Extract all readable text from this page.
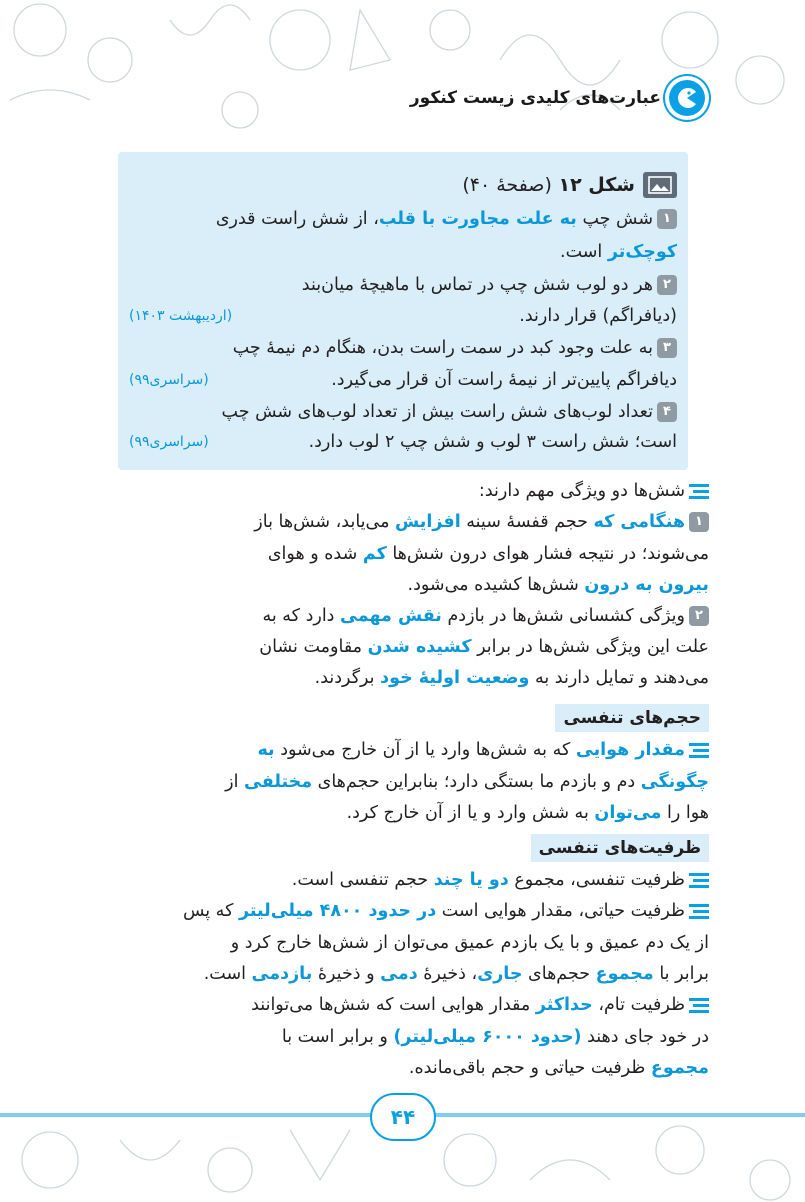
عبارت‌های کلیدی زیست کنکور
شکل ۱۲ (صفحهٔ ۴۰)
۱شش چپ به علت مجاورت با قلب، از شش راست قدری
کوچک‌تر است.
۲هر دو لوب شش چپ در تماس با ماهیچهٔ میان‌بند
(دیافراگم) قرار دارند.
(اردیبهشت ۱۴۰۳)
۳به علت وجود کبد در سمت راست بدن، هنگام دم نیمهٔ چپ
دیافراگم پایین‌تر از نیمهٔ راست آن قرار می‌گیرد.
(سراسری۹۹)
۴تعداد لوب‌های شش راست بیش از تعداد لوب‌های شش چپ
است؛ شش راست ۳ لوب و شش چپ ۲ لوب دارد.
(سراسری۹۹)
شش‌ها دو ویژگی مهم دارند:
۱هنگامی که حجم قفسهٔ سینه افزایش می‌یابد، شش‌ها باز
می‌شوند؛ در نتیجه فشار هوای درون شش‌ها کم شده و هوای
بیرون به درون شش‌ها کشیده می‌شود.
۲ویژگی کشسانی شش‌ها در بازدم نقش مهمی دارد که به
علت این ویژگی شش‌ها در برابر کشیده شدن مقاومت نشان
می‌دهند و تمایل دارند به وضعیت اولیهٔ خود برگردند.
حجم‌های تنفسی
مقدار هوایی که به شش‌ها وارد یا از آن خارج می‌شود به
چگونگی دم و بازدم ما بستگی دارد؛ بنابراین حجم‌های مختلفی از
هوا را می‌توان به شش وارد و یا از آن خارج کرد.
ظرفیت‌های تنفسی
ظرفیت تنفسی، مجموع دو یا چند حجم تنفسی است.
ظرفیت حیاتی، مقدار هوایی است در حدود ۴۸۰۰ میلی‌لیتر که پس
از یک دم عمیق و با یک بازدم عمیق می‌توان از شش‌ها خارج کرد و
برابر با مجموع حجم‌های جاری، ذخیرهٔ دمی و ذخیرهٔ بازدمی است.
ظرفیت تام، حداکثر مقدار هوایی است که شش‌ها می‌توانند
در خود جای دهند (حدود ۶۰۰۰ میلی‌لیتر) و برابر است با
مجموع ظرفیت حیاتی و حجم باقی‌مانده.
۴۴
